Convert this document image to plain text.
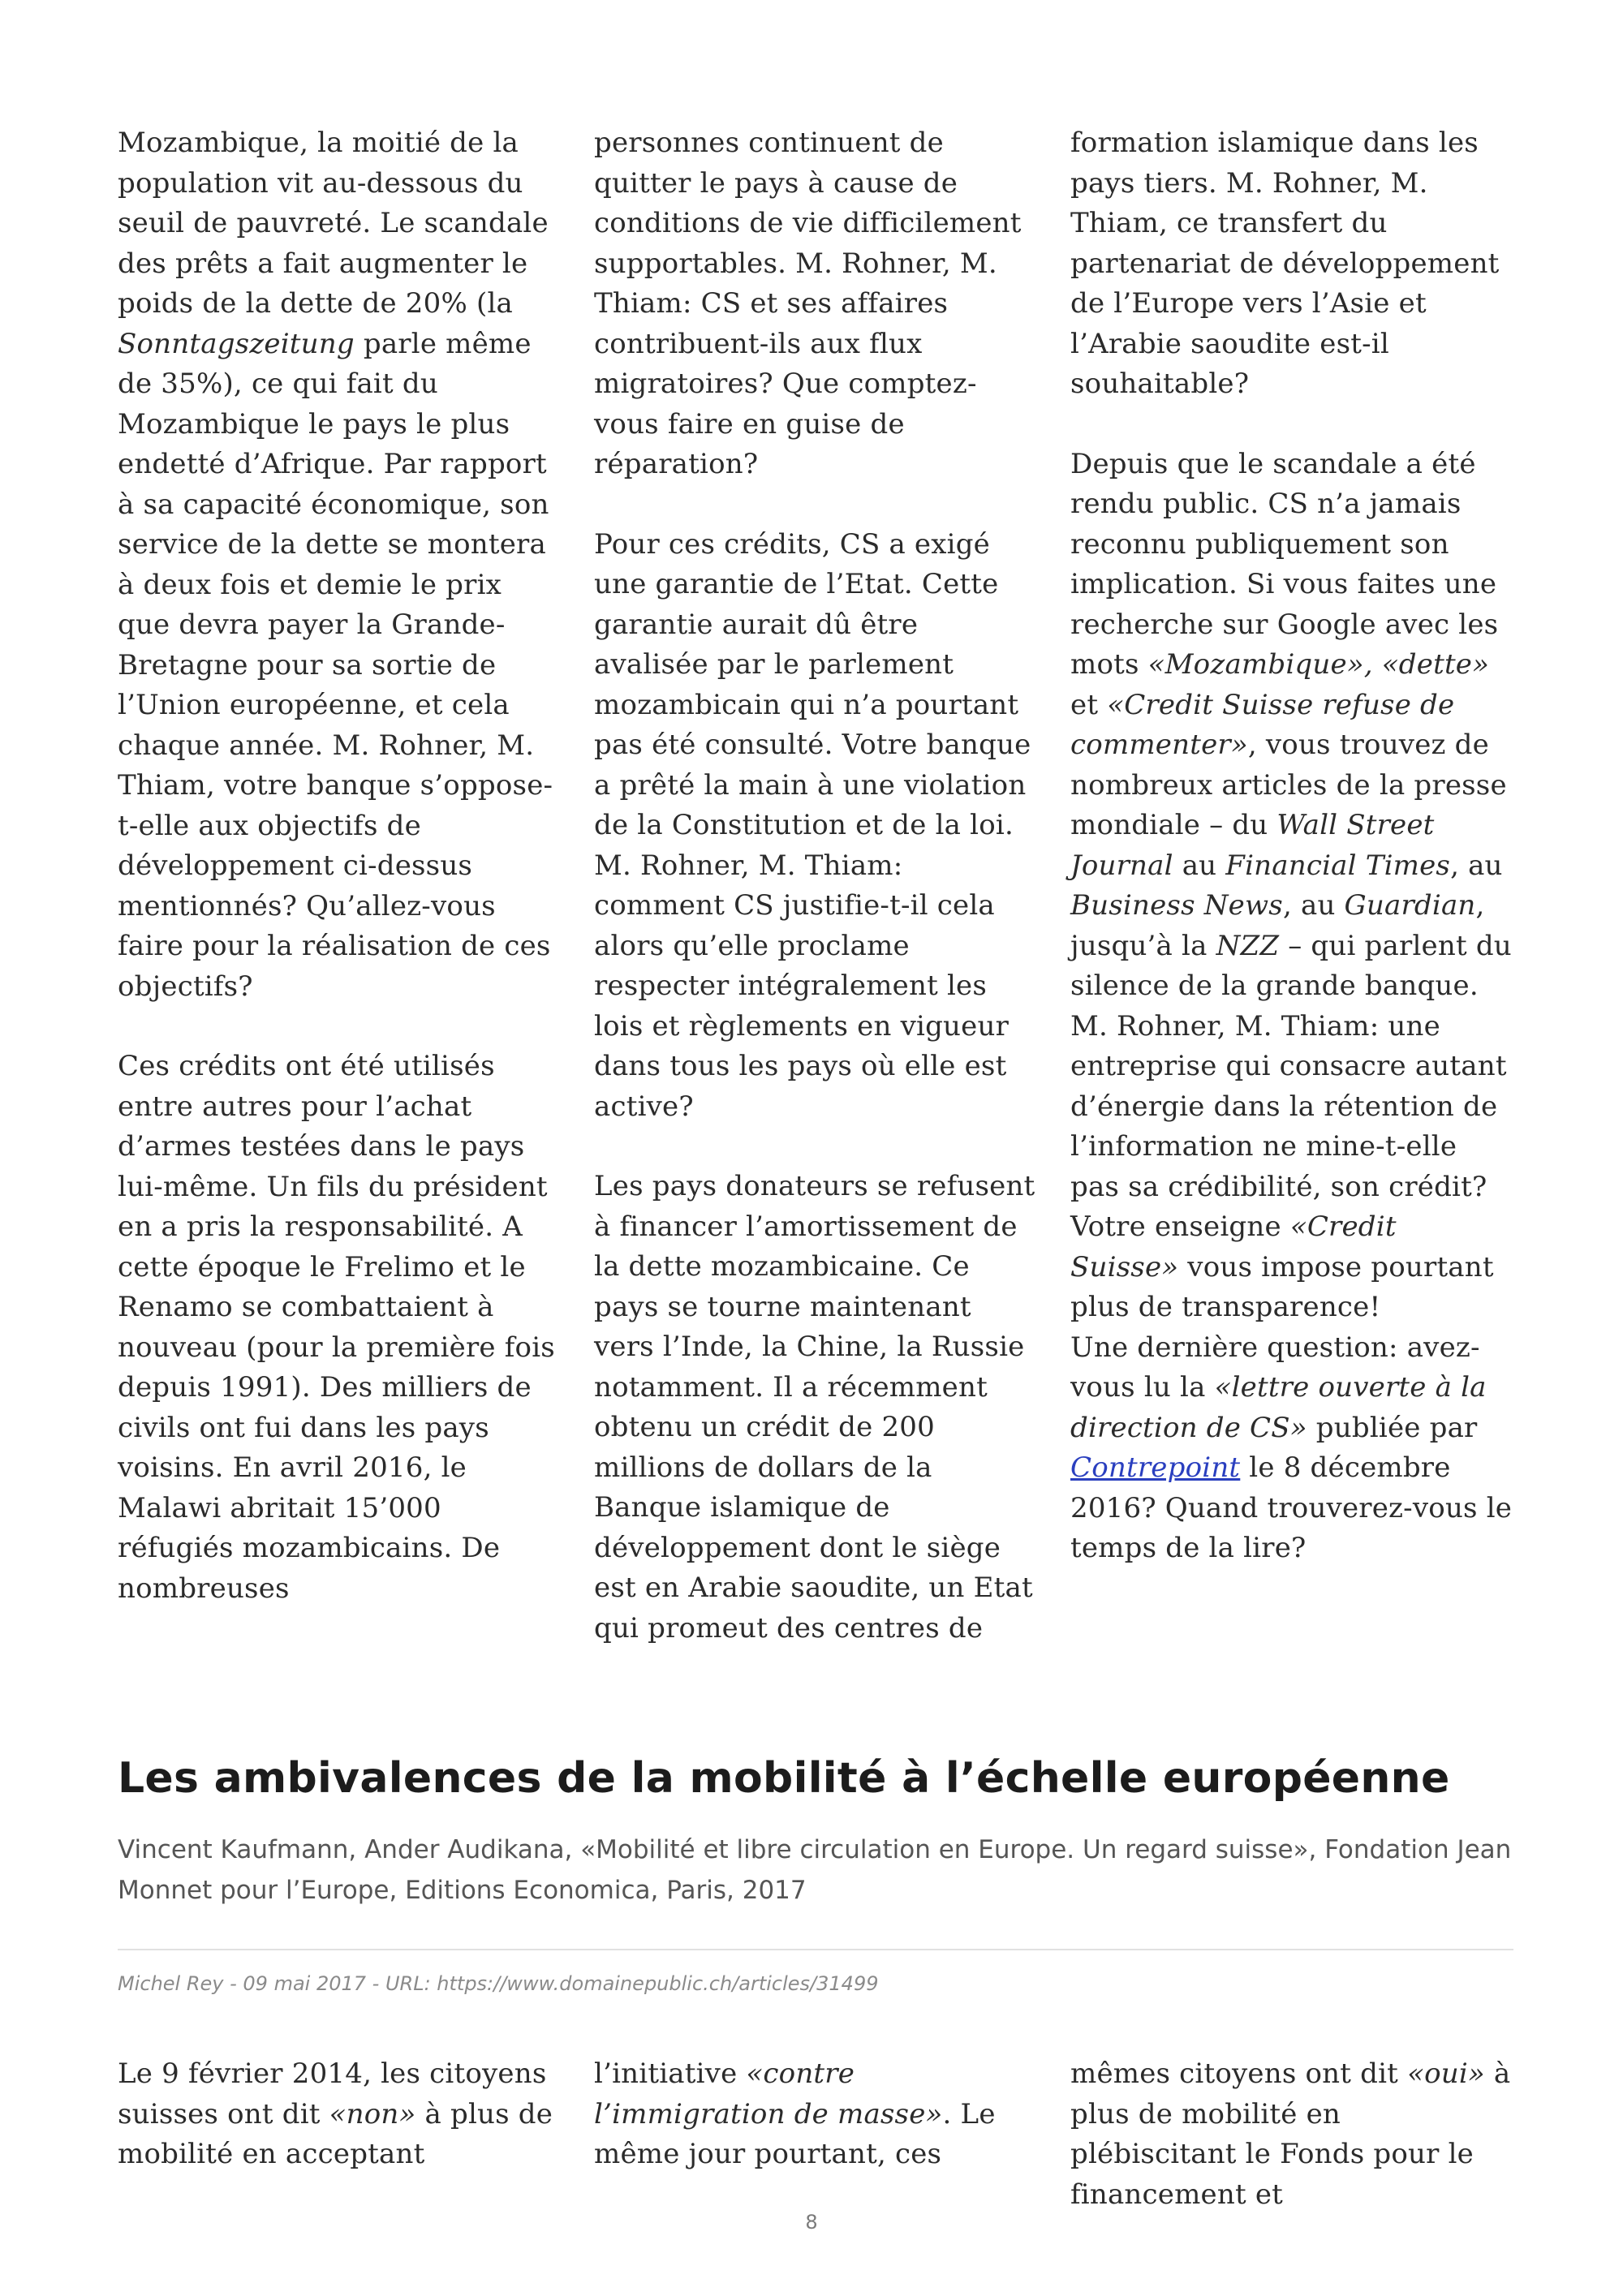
Mozambique, la moitié de la population vit au-dessous du seuil de pauvreté. Le scandale des prêts a fait augmenter le poids de la dette de 20% (la Sonntagszeitung parle même de 35%), ce qui fait du Mozambique le pays le plus endetté d’Afrique. Par rapport à sa capacité économique, son service de la dette se montera à deux fois et demie le prix que devra payer la Grande-Bretagne pour sa sortie de l’Union européenne, et cela chaque année. M. Rohner, M. Thiam, votre banque s’oppose-t-elle aux objectifs de développement ci-dessus mentionnés? Qu’allez-vous faire pour la réalisation de ces objectifs?

Ces crédits ont été utilisés entre autres pour l’achat d’armes testées dans le pays lui-même. Un fils du président en a pris la responsabilité. A cette époque le Frelimo et le Renamo se combattaient à nouveau (pour la première fois depuis 1991). Des milliers de civils ont fui dans les pays voisins. En avril 2016, le Malawi abritait 15’000 réfugiés mozambicains. De nombreuses

personnes continuent de quitter le pays à cause de conditions de vie difficilement supportables. M. Rohner, M. Thiam: CS et ses affaires contribuent-ils aux flux migratoires? Que comptez-vous faire en guise de réparation?

Pour ces crédits, CS a exigé une garantie de l’Etat. Cette garantie aurait dû être avalisée par le parlement mozambicain qui n’a pourtant pas été consulté. Votre banque a prêté la main à une violation de la Constitution et de la loi. M. Rohner, M. Thiam: comment CS justifie-t-il cela alors qu’elle proclame respecter intégralement les lois et règlements en vigueur dans tous les pays où elle est active?

Les pays donateurs se refusent à financer l’amortissement de la dette mozambicaine. Ce pays se tourne maintenant vers l’Inde, la Chine, la Russie notamment. Il a récemment obtenu un crédit de 200 millions de dollars de la Banque islamique de développement dont le siège est en Arabie saoudite, un Etat qui promeut des centres de

formation islamique dans les pays tiers. M. Rohner, M. Thiam, ce transfert du partenariat de développement de l’Europe vers l’Asie et l’Arabie saoudite est-il souhaitable?

Depuis que le scandale a été rendu public. CS n’a jamais reconnu publiquement son implication. Si vous faites une recherche sur Google avec les mots «Mozambique», «dette» et «Credit Suisse refuse de commenter», vous trouvez de nombreux articles de la presse mondiale – du Wall Street Journal au Financial Times, au Business News, au Guardian, jusqu’à la NZZ – qui parlent du silence de la grande banque. M. Rohner, M. Thiam: une entreprise qui consacre autant d’énergie dans la rétention de l’information ne mine-t-elle pas sa crédibilité, son crédit? Votre enseigne «Credit Suisse» vous impose pourtant plus de transparence!
Une dernière question: avez-vous lu la «lettre ouverte à la direction de CS» publiée par Contrepoint le 8 décembre 2016? Quand trouverez-vous le temps de la lire?

Les ambivalences de la mobilité à l’échelle européenne

Vincent Kaufmann, Ander Audikana, «Mobilité et libre circulation en Europe. Un regard suisse», Fondation Jean Monnet pour l’Europe, Editions Economica, Paris, 2017

Michel Rey - 09 mai 2017 - URL: https://www.domainepublic.ch/articles/31499

Le 9 février 2014, les citoyens suisses ont dit «non» à plus de mobilité en acceptant

l’initiative «contre l’immigration de masse». Le même jour pourtant, ces

mêmes citoyens ont dit «oui» à plus de mobilité en plébiscitant le Fonds pour le financement et

8
